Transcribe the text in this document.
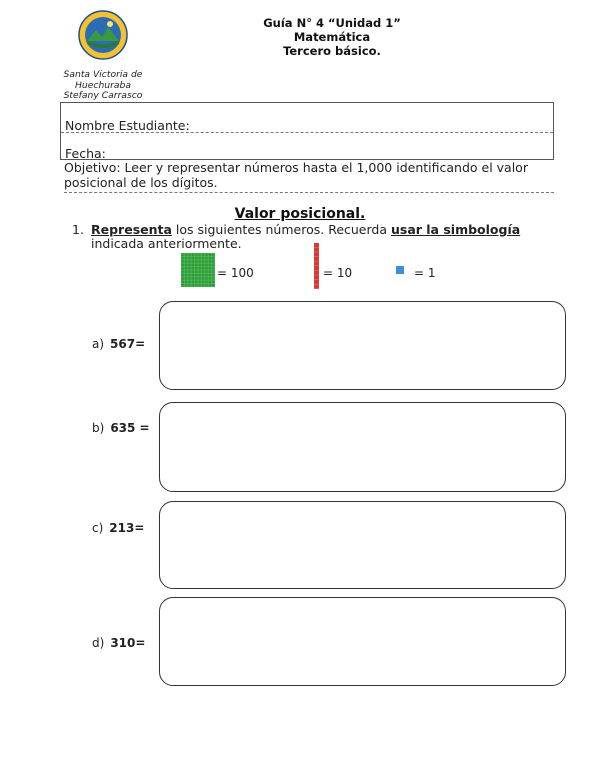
Santa Victoria de
Huechuraba
Stefany Carrasco
Guía N° 4 “Unidad 1”
Matemática
Tercero básico.
Nombre Estudiante:
Fecha:
Objetivo: Leer y representar números hasta el 1,000 identificando el valor posicional de los dígitos.
Valor posicional.
1. Representa los siguientes números. Recuerda usar la simbología indicada anteriormente.
= 100	= 10	= 1
a) 567=
b) 635 =
c) 213=
d) 310=
